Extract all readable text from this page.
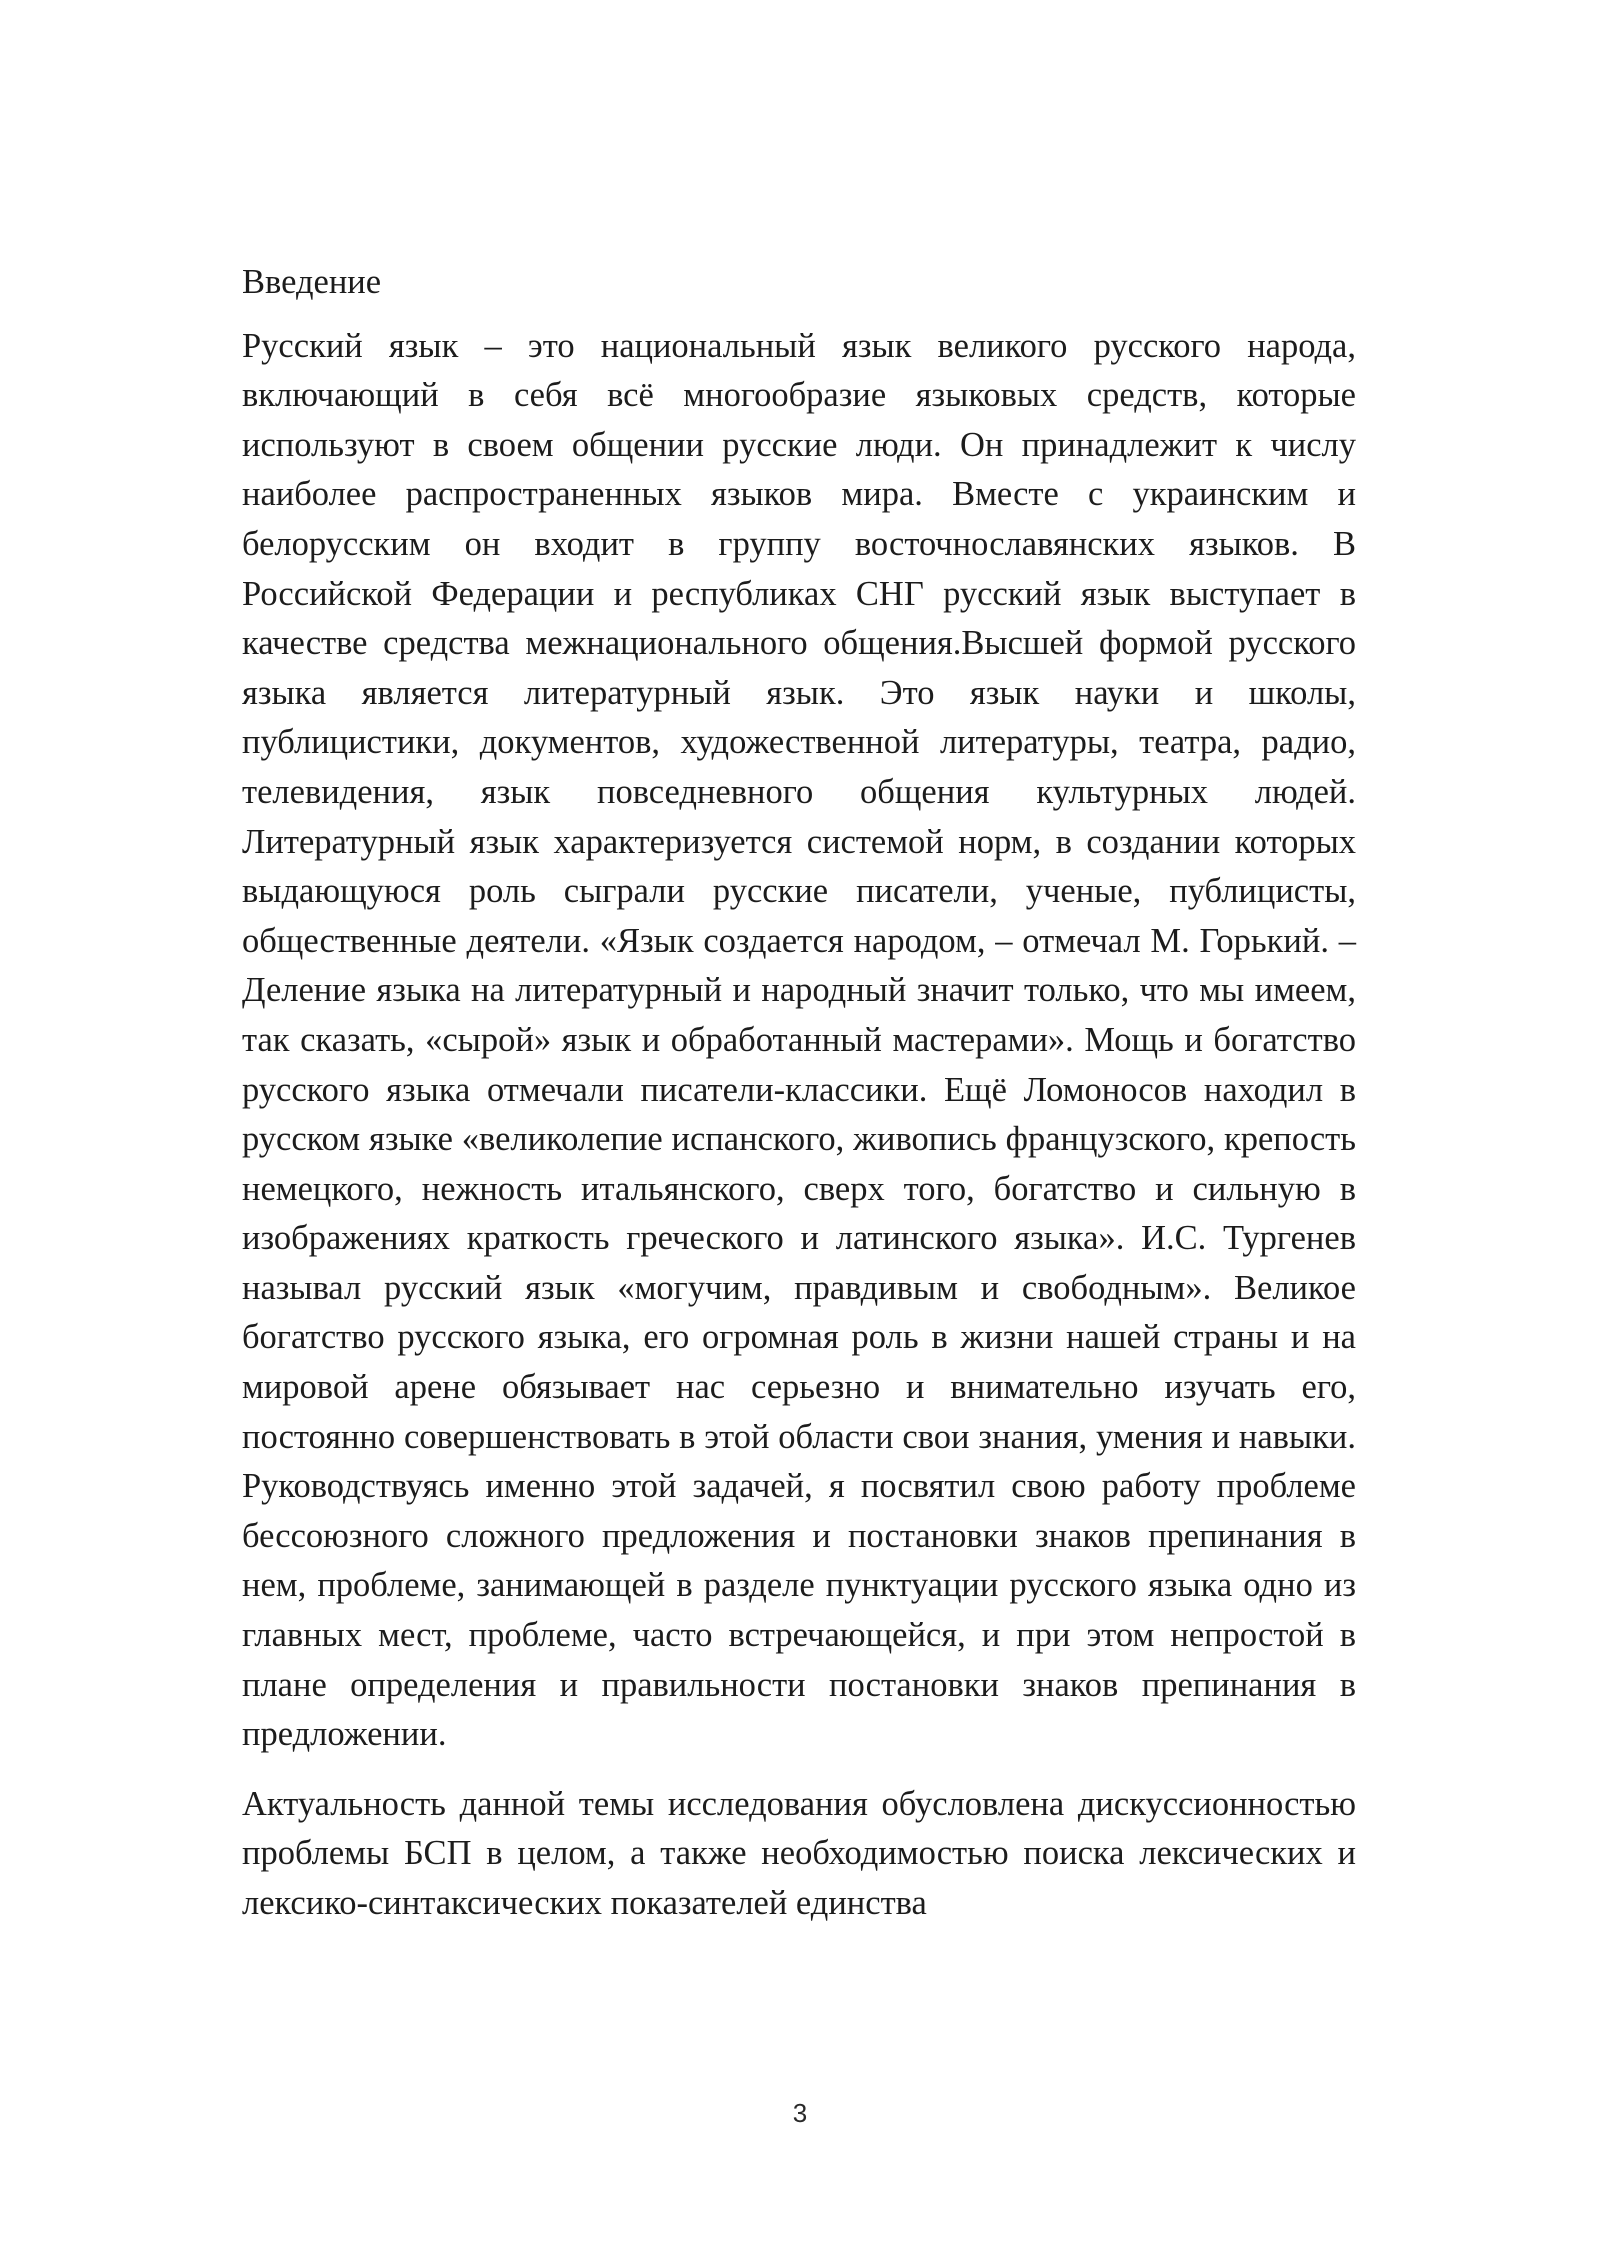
Введение

Русский язык – это национальный язык великого русского народа, включающий в себя всё многообразие языковых средств, которые используют в своем общении русские люди. Он принадлежит к числу наиболее распространенных языков мира. Вместе с украинским и белорусским он входит в группу восточнославянских языков. В Российской Федерации и республиках СНГ русский язык выступает в качестве средства межнационального общения.Высшей формой русского языка является литературный язык. Это язык науки и школы, публицистики, документов, художественной литературы, театра, радио, телевидения, язык повседневного общения культурных людей. Литературный язык характеризуется системой норм, в создании которых выдающуюся роль сыграли русские писатели, ученые, публицисты, общественные деятели. «Язык создается народом, – отмечал М. Горький. – Деление языка на литературный и народный значит только, что мы имеем, так сказать, «сырой» язык и обработанный мастерами». Мощь и богатство русского языка отмечали писатели-классики. Ещё Ломоносов находил в русском языке «великолепие испанского, живопись французского, крепость немецкого, нежность итальянского, сверх того, богатство и сильную в изображениях краткость греческого и латинского языка». И.С. Тургенев называл русский язык «могучим, правдивым и свободным». Великое богатство русского языка, его огромная роль в жизни нашей страны и на мировой арене обязывает нас серьезно и внимательно изучать его, постоянно совершенствовать в этой области свои знания, умения и навыки. Руководствуясь именно этой задачей, я посвятил свою работу проблеме бессоюзного сложного предложения и постановки знаков препинания в нем, проблеме, занимающей в разделе пунктуации русского языка одно из главных мест, проблеме, часто встречающейся, и при этом непростой в плане определения и правильности постановки знаков препинания в предложении.

Актуальность данной темы исследования обусловлена дискуссионностью проблемы БСП в целом, а также необходимостью поиска лексических и лексико-синтаксических показателей единства

3
